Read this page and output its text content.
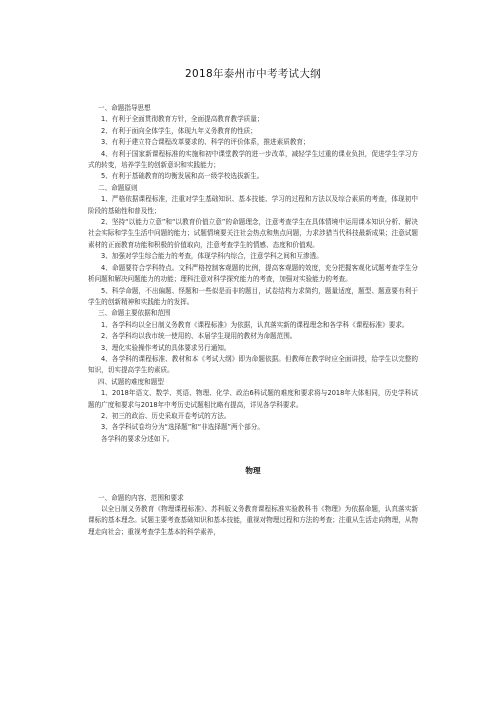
2018年泰州市中考考试大纲

一、命题指导思想

1、有利于全面贯彻教育方针，全面提高教育教学质量；

2、有利于面向全体学生，体现九年义务教育的性质；

3、有利于建立符合课程改革要求的、科学的评价体系，推进素质教育；

4、有利于国家新课程标准的实施和初中课堂教学的进一步改革，减轻学生过重的课业负担，促进学生学习方式的转变，培养学生的创新意识和实践能力；

5、有利于基础教育的均衡发展和高一级学校选拔新生。

二、命题原则

1、严格依据课程标准，注重对学生基础知识、基本技能、学习的过程和方法以及综合素质的考查，体现初中阶段的基础性和普及性；

2、坚持“以能力立意”和“以教育价值立意”的命题理念，注意考查学生在具体情境中运用课本知识分析、解决社会实际和学生生活中问题的能力；试题情境要关注社会热点和焦点问题，力求涉猎当代科技最新成果；注意试题素材的正面教育功能和积极的价值取向，注意考查学生的情感、态度和价值观。

3、加强对学生综合能力的考查，体现学科内综合，注意学科之间和互渗透。

4、命题要符合学科特点。文科严格控制客观题的比例，提高客观题的效度，充分把握客观化试题考查学生分析问题和解决问题能力的功能；理科注意对科学探究能力的考查，加强对实验能力的考查。

5、科学命题，不出偏题、怪题和一些似是而非的题目，试卷结构力求简约，题量适度，题型、题意要有利于学生的创新精神和实践能力的发挥。

三、命题主要依据和范围

1、各学科均以全日制义务教育《课程标准》为依据，认真落实新的课程理念和各学科《课程标准》要求。

2、各学科均以我市统一使用的、本届学生现用的教材为命题范围。

3、理化实验操作考试的具体要求另行通知。

4、各学科的课程标准、教材和本《考试大纲》即为命题依据。但教师在教学时应全面讲授，给学生以完整的知识，切实提高学生的素质。

四、试题的难度和题型

1、2018年语文、数学、英语、物理、化学、政治6科试题的难度和要求将与2018年大体相同，历史学科试题的广度和要求与2018年中考历史试题相比略有提高，详见各学科要求。

2、初三的政治、历史采取开卷考试的方法。

3、各学科试卷均分为“选择题”和“非选择题”两个部分。

各学科的要求分述如下。

物理

一、命题的内容、范围和要求

以全日制义务教育《物理课程标准》、苏科版义务教育课程标准实验教科书《物理》为依据命题，认真落实新课标的基本理念。试题主要考查基础知识和基本技能，重视对物理过程和方法的考查；注重从生活走向物理，从物理走向社会；重视考查学生基本的科学素养，
